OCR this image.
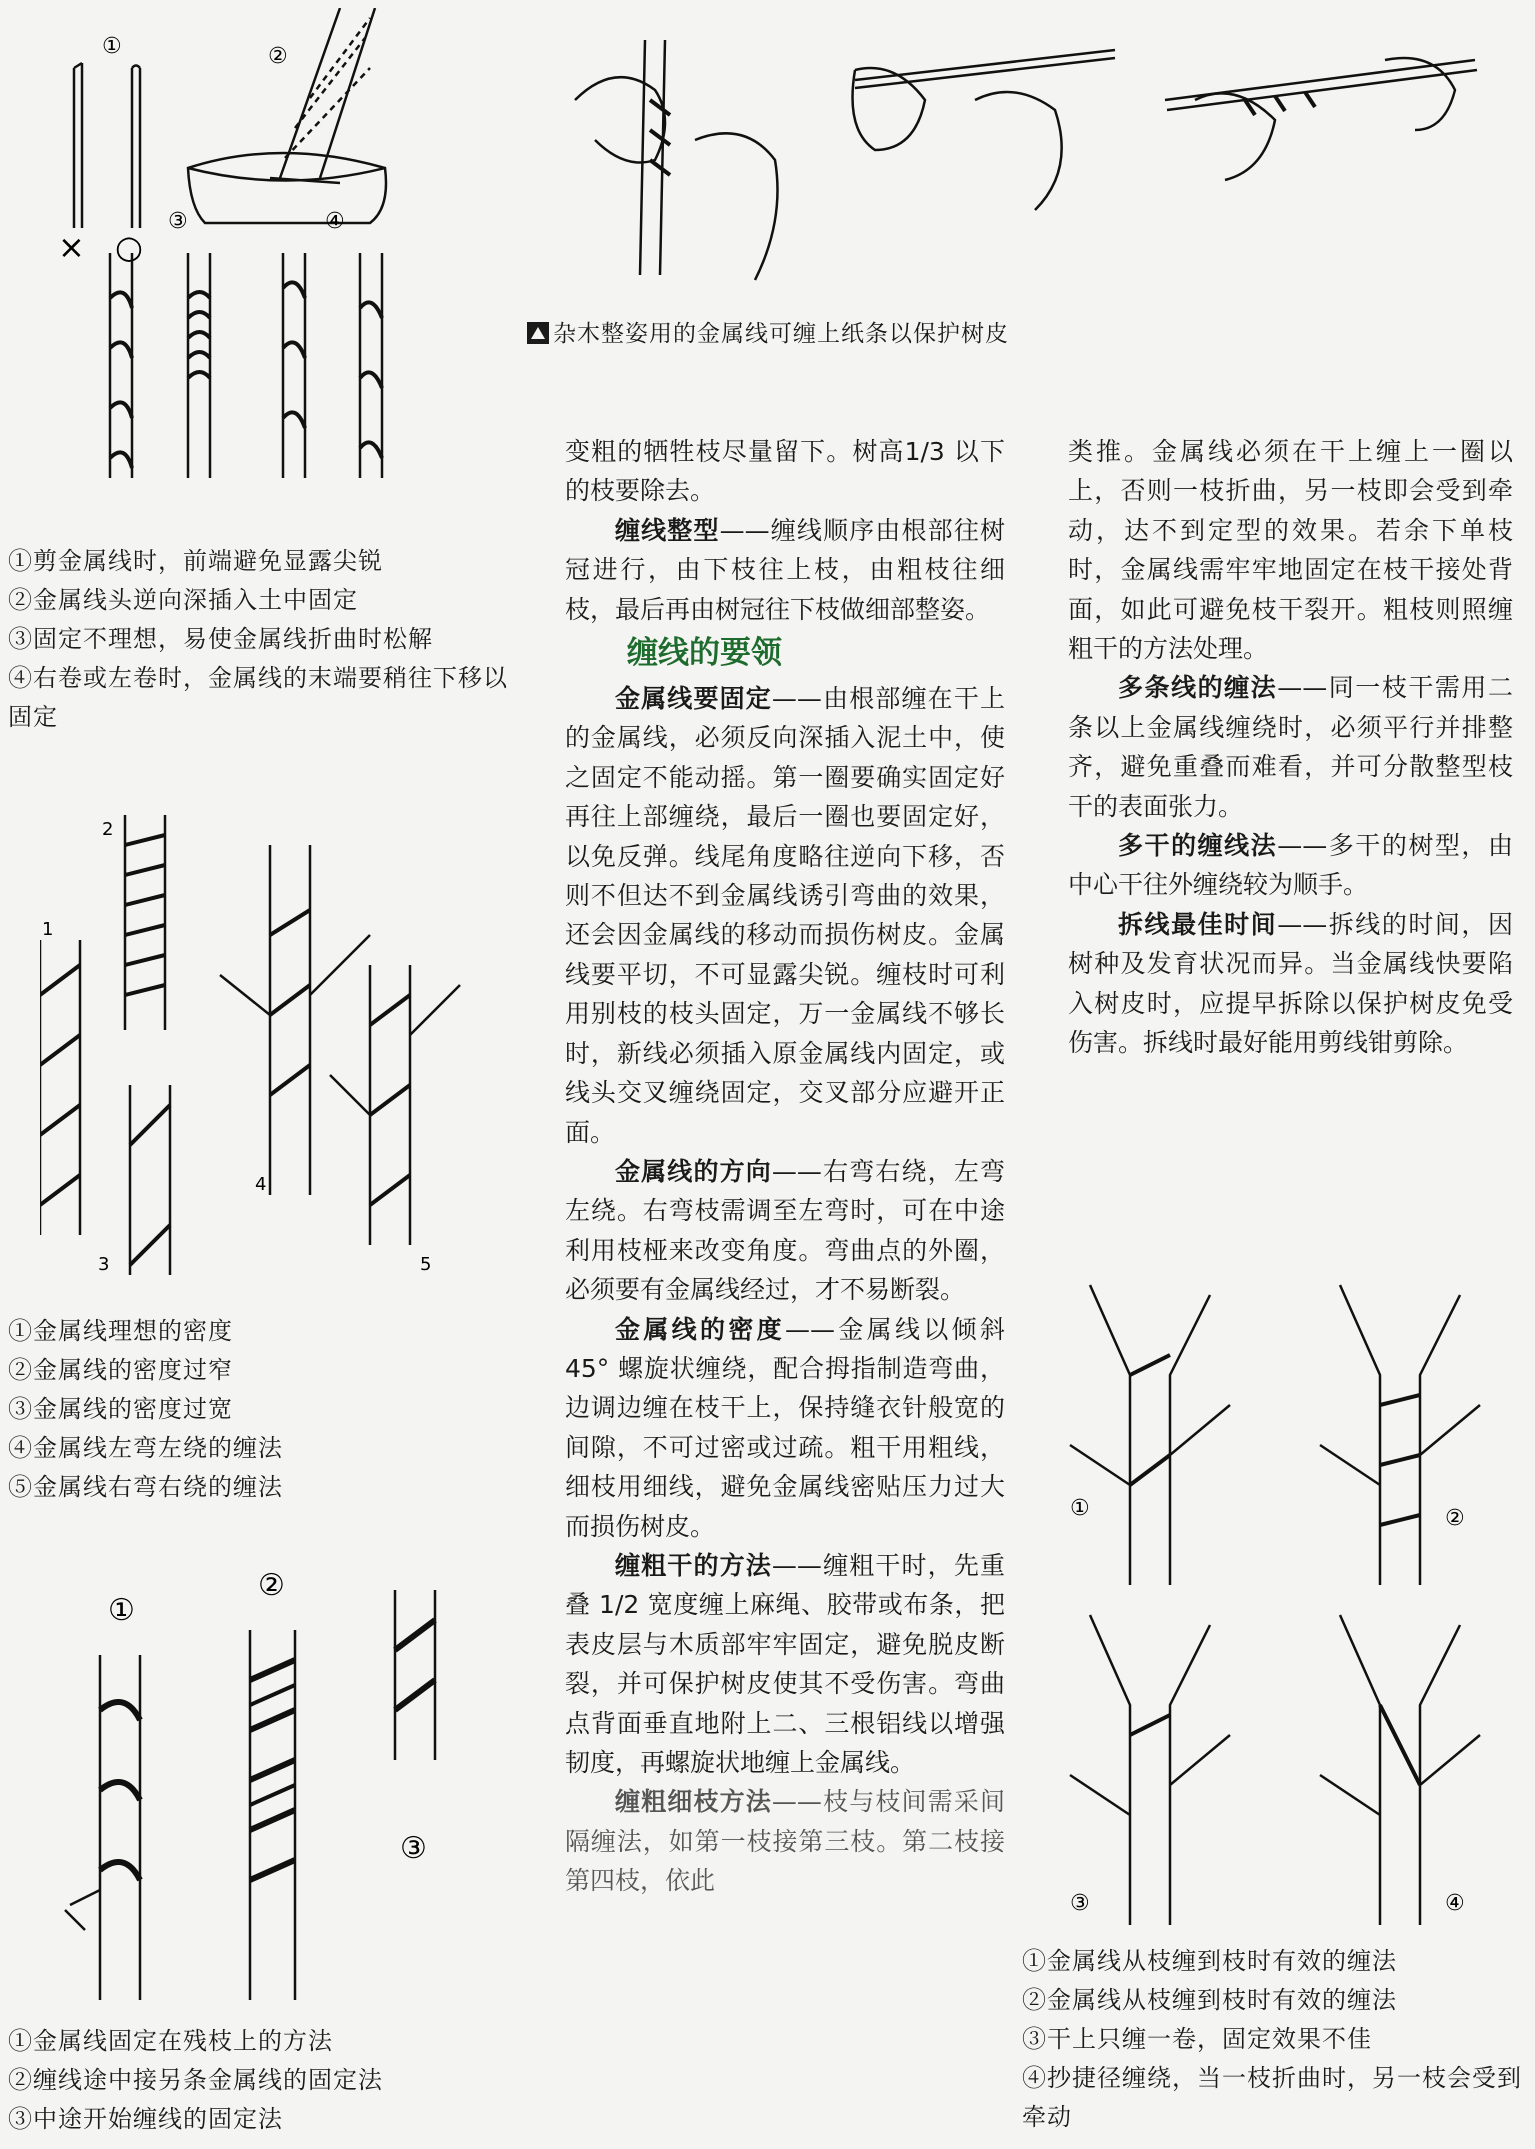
× ○
①	②
③	④
杂木整姿用的金属线可缠上纸条以保护树皮

①剪金属线时，前端避免显露尖锐

②金属线头逆向深插入土中固定

③固定不理想，易使金属线折曲时松解

④右卷或左卷时，金属线的末端要稍往下移以固定

1
2
3
4
5

①金属线理想的密度

②金属线的密度过窄

③金属线的密度过宽

④金属线左弯左绕的缠法

⑤金属线右弯右绕的缠法

①
②
③

①金属线固定在残枝上的方法

②缠线途中接另条金属线的固定法

③中途开始缠线的固定法

变粗的牺牲枝尽量留下。树高1/3 以下的枝要除去。

缠线整型——缠线顺序由根部往树冠进行，由下枝往上枝，由粗枝往细枝，最后再由树冠往下枝做细部整姿。

缠线的要领

金属线要固定——由根部缠在干上的金属线，必须反向深插入泥土中，使之固定不能动摇。第一圈要确实固定好再往上部缠绕，最后一圈也要固定好，以免反弹。线尾角度略往逆向下移，否则不但达不到金属线诱引弯曲的效果，还会因金属线的移动而损伤树皮。金属线要平切，不可显露尖锐。缠枝时可利用别枝的枝头固定，万一金属线不够长时，新线必须插入原金属线内固定，或线头交叉缠绕固定，交叉部分应避开正面。

金属线的方向——右弯右绕，左弯左绕。右弯枝需调至左弯时，可在中途利用枝桠来改变角度。弯曲点的外圈，必须要有金属线经过，才不易断裂。

金属线的密度——金属线以倾斜 45° 螺旋状缠绕，配合拇指制造弯曲，边调边缠在枝干上，保持缝衣针般宽的间隙，不可过密或过疏。粗干用粗线，细枝用细线，避免金属线密贴压力过大而损伤树皮。

缠粗干的方法——缠粗干时，先重叠 1/2 宽度缠上麻绳、胶带或布条，把表皮层与木质部牢牢固定，避免脱皮断裂，并可保护树皮使其不受伤害。弯曲点背面垂直地附上二、三根铝线以增强韧度，再螺旋状地缠上金属线。

缠粗细枝方法——枝与枝间需采间隔缠法，如第一枝接第三枝。第二枝接第四枝，依此

类推。金属线必须在干上缠上一圈以上，否则一枝折曲，另一枝即会受到牵动，达不到定型的效果。若余下单枝时，金属线需牢牢地固定在枝干接处背面，如此可避免枝干裂开。粗枝则照缠粗干的方法处理。

多条线的缠法——同一枝干需用二条以上金属线缠绕时，必须平行并排整齐，避免重叠而难看，并可分散整型枝干的表面张力。

多干的缠线法——多干的树型，由中心干往外缠绕较为顺手。

拆线最佳时间——拆线的时间，因树种及发育状况而异。当金属线快要陷入树皮时，应提早拆除以保护树皮免受伤害。拆线时最好能用剪线钳剪除。

①	②
③	④

①金属线从枝缠到枝时有效的缠法

②金属线从枝缠到枝时有效的缠法

③干上只缠一卷，固定效果不佳

④抄捷径缠绕，当一枝折曲时，另一枝会受到牵动
